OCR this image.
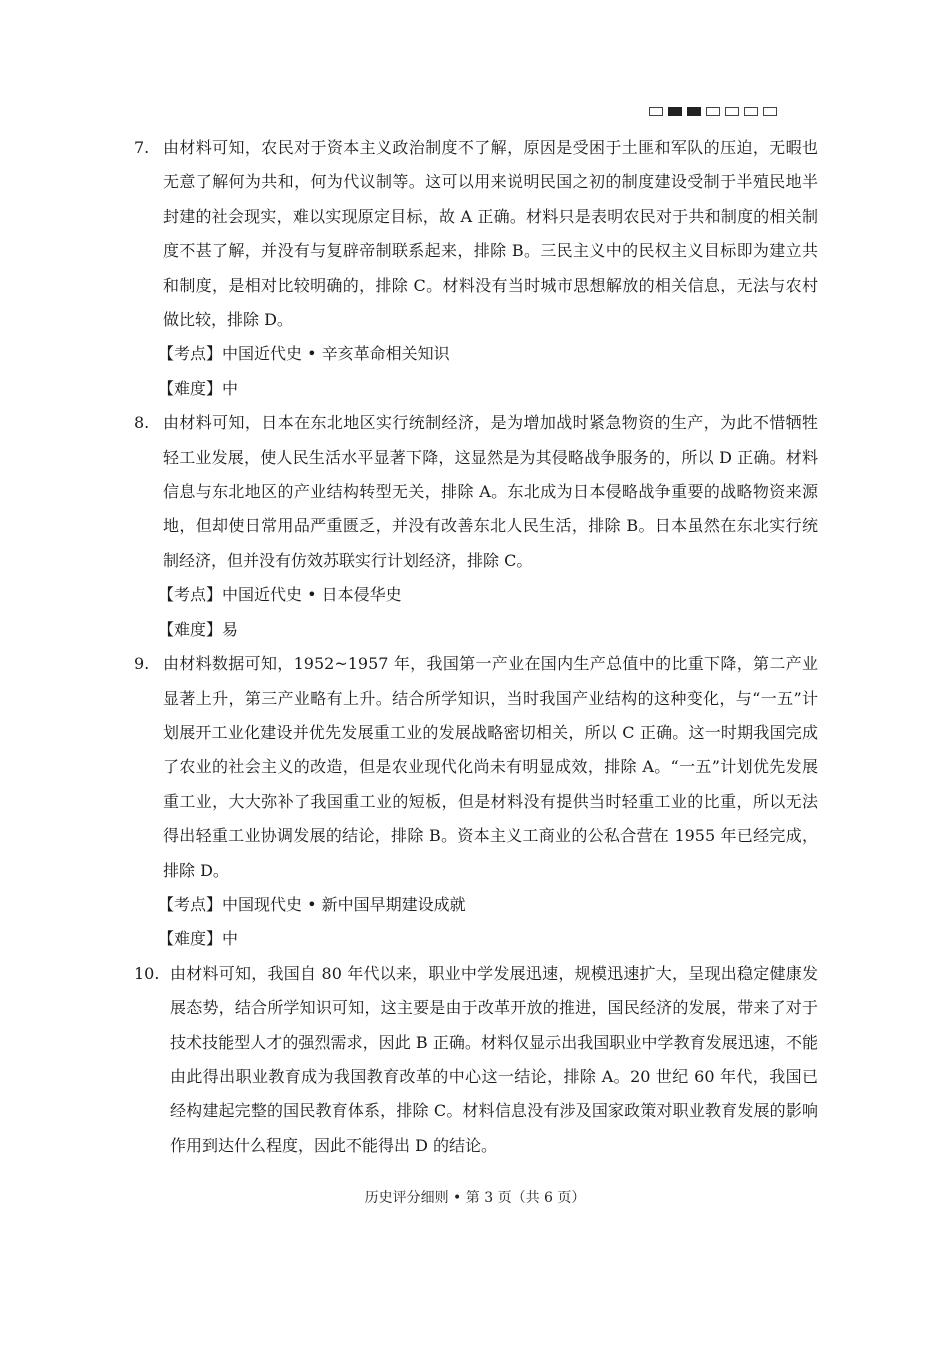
7. 由材料可知，农民对于资本主义政治制度不了解，原因是受困于土匪和军队的压迫，无暇也无意了解何为共和，何为代议制等。这可以用来说明民国之初的制度建设受制于半殖民地半封建的社会现实，难以实现原定目标，故 A 正确。材料只是表明农民对于共和制度的相关制度不甚了解，并没有与复辟帝制联系起来，排除 B。三民主义中的民权主义目标即为建立共和制度，是相对比较明确的，排除 C。材料没有当时城市思想解放的相关信息，无法与农村做比较，排除 D。

【考点】中国近代史 • 辛亥革命相关知识

【难度】中

8. 由材料可知，日本在东北地区实行统制经济，是为增加战时紧急物资的生产，为此不惜牺牲轻工业发展，使人民生活水平显著下降，这显然是为其侵略战争服务的，所以 D 正确。材料信息与东北地区的产业结构转型无关，排除 A。东北成为日本侵略战争重要的战略物资来源地，但却使日常用品严重匮乏，并没有改善东北人民生活，排除 B。日本虽然在东北实行统制经济，但并没有仿效苏联实行计划经济，排除 C。

【考点】中国近代史 • 日本侵华史

【难度】易

9. 由材料数据可知，1952~1957 年，我国第一产业在国内生产总值中的比重下降，第二产业显著上升，第三产业略有上升。结合所学知识，当时我国产业结构的这种变化，与“一五”计划展开工业化建设并优先发展重工业的发展战略密切相关，所以 C 正确。这一时期我国完成了农业的社会主义的改造，但是农业现代化尚未有明显成效，排除 A。“一五”计划优先发展重工业，大大弥补了我国重工业的短板，但是材料没有提供当时轻重工业的比重，所以无法得出轻重工业协调发展的结论，排除 B。资本主义工商业的公私合营在 1955 年已经完成，排除 D。

【考点】中国现代史 • 新中国早期建设成就

【难度】中

10. 由材料可知，我国自 80 年代以来，职业中学发展迅速，规模迅速扩大，呈现出稳定健康发展态势，结合所学知识可知，这主要是由于改革开放的推进，国民经济的发展，带来了对于技术技能型人才的强烈需求，因此 B 正确。材料仅显示出我国职业中学教育发展迅速，不能由此得出职业教育成为我国教育改革的中心这一结论，排除 A。20 世纪 60 年代，我国已经构建起完整的国民教育体系，排除 C。材料信息没有涉及国家政策对职业教育发展的影响作用到达什么程度，因此不能得出 D 的结论。

历史评分细则 • 第 3 页（共 6 页）
